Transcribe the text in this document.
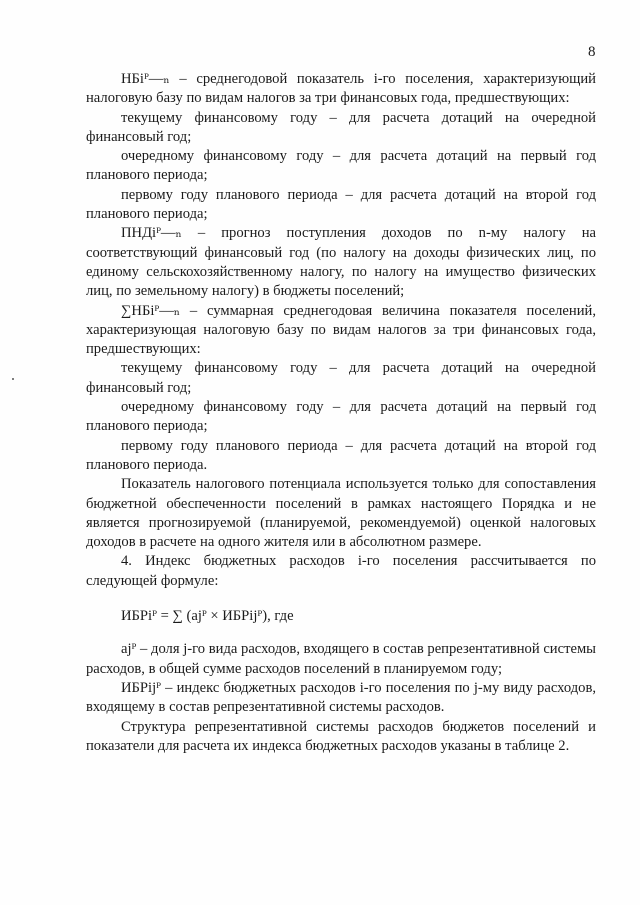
8

НБiᴾ—ₙ – среднегодовой показатель i-го поселения, характеризующий налоговую базу по видам налогов за три финансовых года, предшествующих:

текущему финансовому году – для расчета дотаций на очередной финансовый год;

очередному финансовому году – для расчета дотаций на первый год планового периода;

первому году планового периода – для расчета дотаций на второй год планового периода;

ПНДiᴾ—ₙ – прогноз поступления доходов по n-му налогу на соответствующий финансовый год (по налогу на доходы физических лиц, по единому сельскохозяйственному налогу, по налогу на имущество физических лиц, по земельному налогу) в бюджеты поселений;

∑НБiᴾ—ₙ – суммарная среднегодовая величина показателя поселений, характеризующая налоговую базу по видам налогов за три финансовых года, предшествующих:

текущему финансовому году – для расчета дотаций на очередной финансовый год;

очередному финансовому году – для расчета дотаций на первый год планового периода;

первому году планового периода – для расчета дотаций на второй год планового периода.

Показатель налогового потенциала используется только для сопоставления бюджетной обеспеченности поселений в рамках настоящего Порядка и не является прогнозируемой (планируемой, рекомендуемой) оценкой налоговых доходов в расчете на одного жителя или в абсолютном размере.

4. Индекс бюджетных расходов i-го поселения рассчитывается по следующей формуле:

ИБРiᴾ = ∑ (ajᴾ × ИБРijᴾ), где

ajᴾ – доля j-го вида расходов, входящего в состав репрезентативной системы расходов, в общей сумме расходов поселений в планируемом году;

ИБРijᴾ – индекс бюджетных расходов i-го поселения по j-му виду расходов, входящему в состав репрезентативной системы расходов.

Структура репрезентативной системы расходов бюджетов поселений и показатели для расчета их индекса бюджетных расходов указаны в таблице 2.
